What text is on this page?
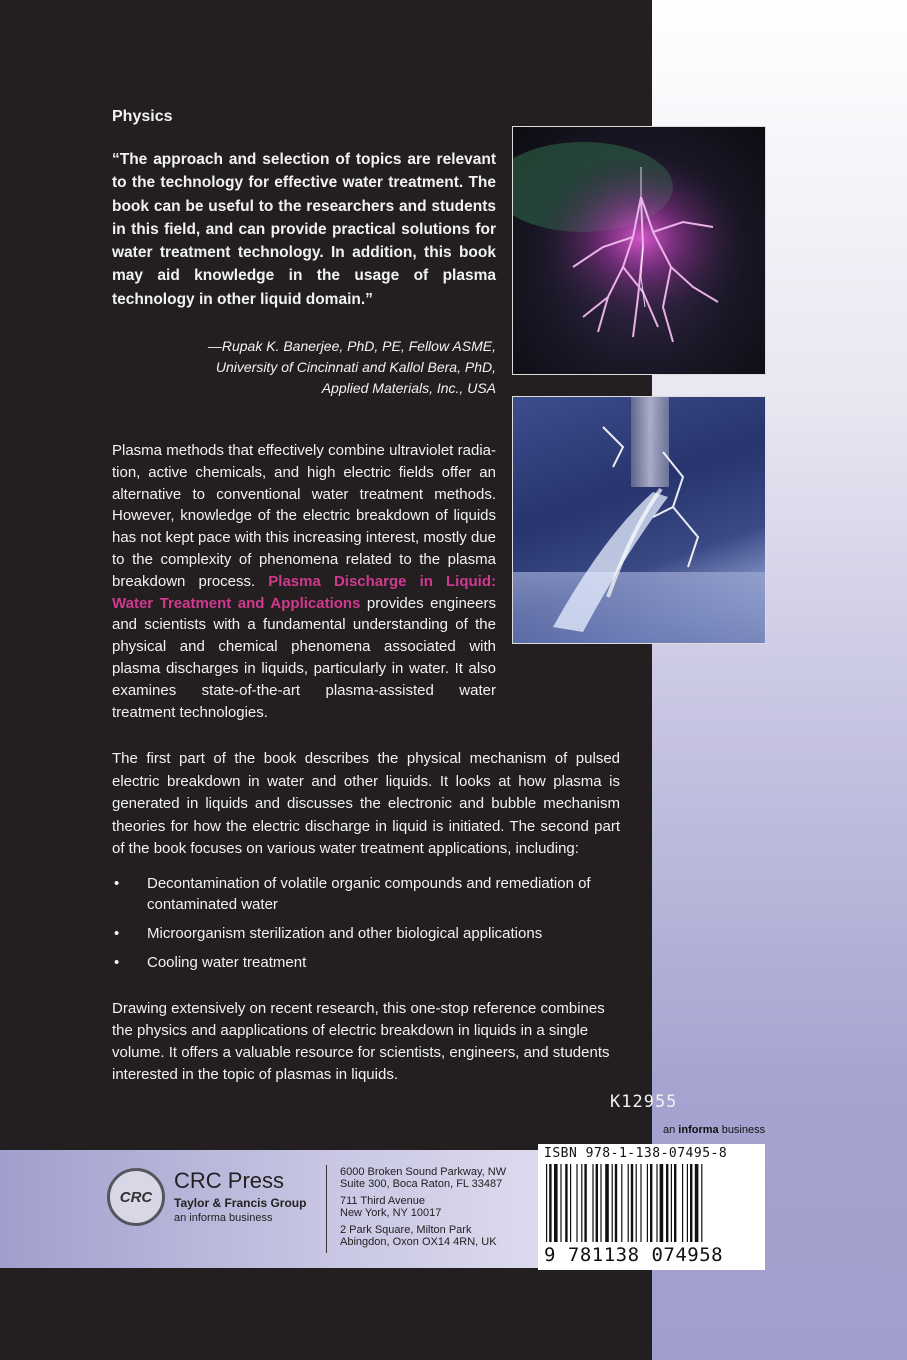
Physics
“The approach and selection of topics are relevant to the technology for effective water treatment. The book can be useful to the researchers and students in this field, and can provide practical solutions for water treatment technology. In addition, this book may aid knowledge in the usage of plasma technology in other liquid domain.”
—Rupak K. Banerjee, PhD, PE, Fellow ASME,
University of Cincinnati and Kallol Bera, PhD,
Applied Materials, Inc., USA
Plasma methods that effectively combine ultraviolet radiation, active chemicals, and high electric fields offer an alternative to conventional water treatment methods. However, knowledge of the electric breakdown of liquids has not kept pace with this increasing interest, mostly due to the complexity of phenomena related to the plasma breakdown process. Plasma Discharge in Liquid: Water Treatment and Applications provides engineers and scientists with a fundamental understanding of the physical and chemical phenomena associated with plasma discharges in liquids, particularly in water. It also examines state-of-the-art plasma-assisted water treatment technologies.

The first part of the book describes the physical mechanism of pulsed electric breakdown in water and other liquids. It looks at how plasma is generated in liquids and discusses the electronic and bubble mechanism theories for how the electric discharge in liquid is initiated. The second part of the book focuses on various water treatment applications, including:

• Decontamination of volatile organic compounds and remediation of contaminated water
• Microorganism sterilization and other biological applications
• Cooling water treatment
Drawing extensively on recent research, this one-stop reference combines the physics and aapplications of electric breakdown in liquids in a single volume. It offers a valuable resource for scientists, engineers, and students interested in the topic of plasmas in liquids.
K12955
an informa business
CRC
CRC Press
Taylor & Francis Group
an informa business
6000 Broken Sound Parkway, NW
Suite 300, Boca Raton, FL 33487
711 Third Avenue
New York, NY 10017
2 Park Square, Milton Park
Abingdon, Oxon OX14 4RN, UK
ISBN 978-1-138-07495-8
9 781138 074958
